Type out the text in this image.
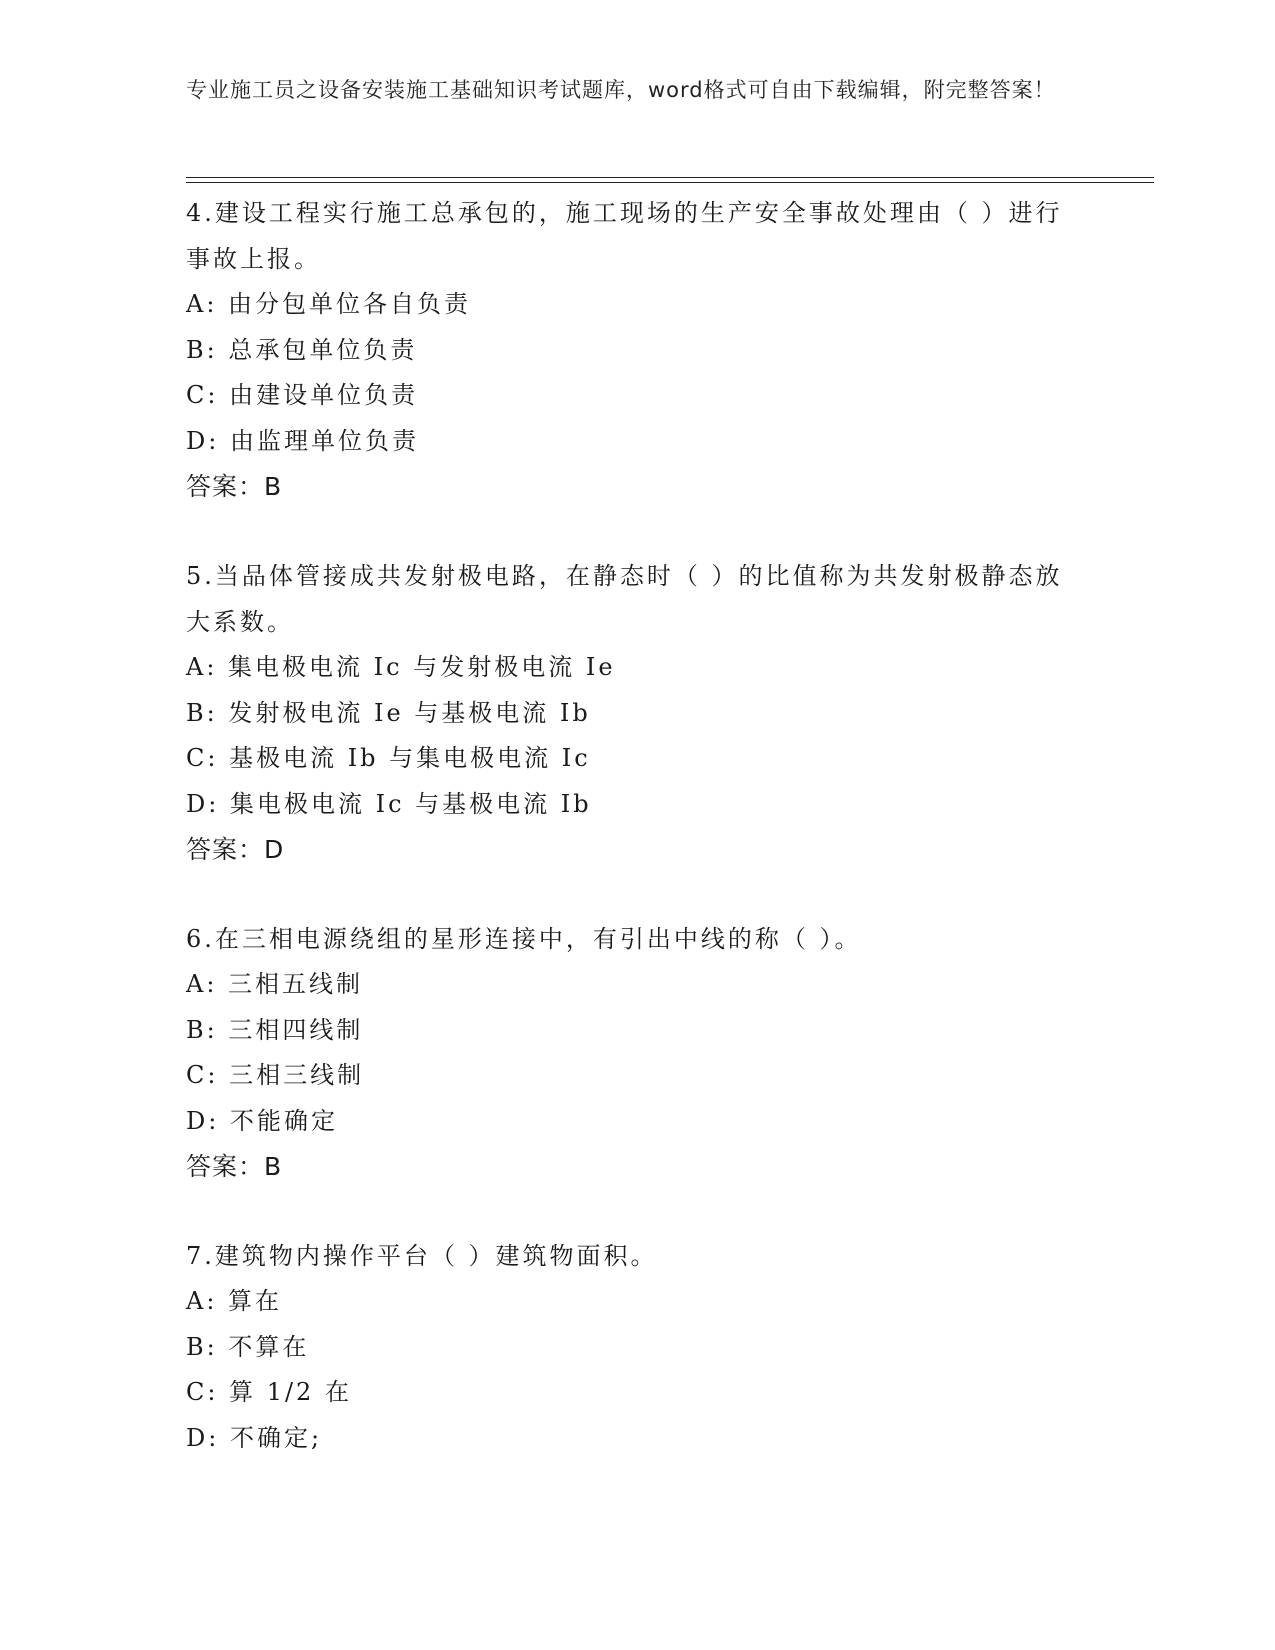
专业施工员之设备安装施工基础知识考试题库，word格式可自由下载编辑，附完整答案！
4.建设工程实行施工总承包的，施工现场的生产安全事故处理由（ ）进行事故上报。
A: 由分包单位各自负责
B: 总承包单位负责
C: 由建设单位负责
D: 由监理单位负责
答案：B
5.当品体管接成共发射极电路，在静态时（ ）的比值称为共发射极静态放大系数。
A: 集电极电流 Ic 与发射极电流 Ie
B: 发射极电流 Ie 与基极电流 Ib
C: 基极电流 Ib 与集电极电流 Ic
D: 集电极电流 Ic 与基极电流 Ib
答案：D
6.在三相电源绕组的星形连接中，有引出中线的称（ ）。
A: 三相五线制
B: 三相四线制
C: 三相三线制
D: 不能确定
答案：B
7.建筑物内操作平台（ ）建筑物面积。
A: 算在
B: 不算在
C: 算 1/2 在
D: 不确定;
